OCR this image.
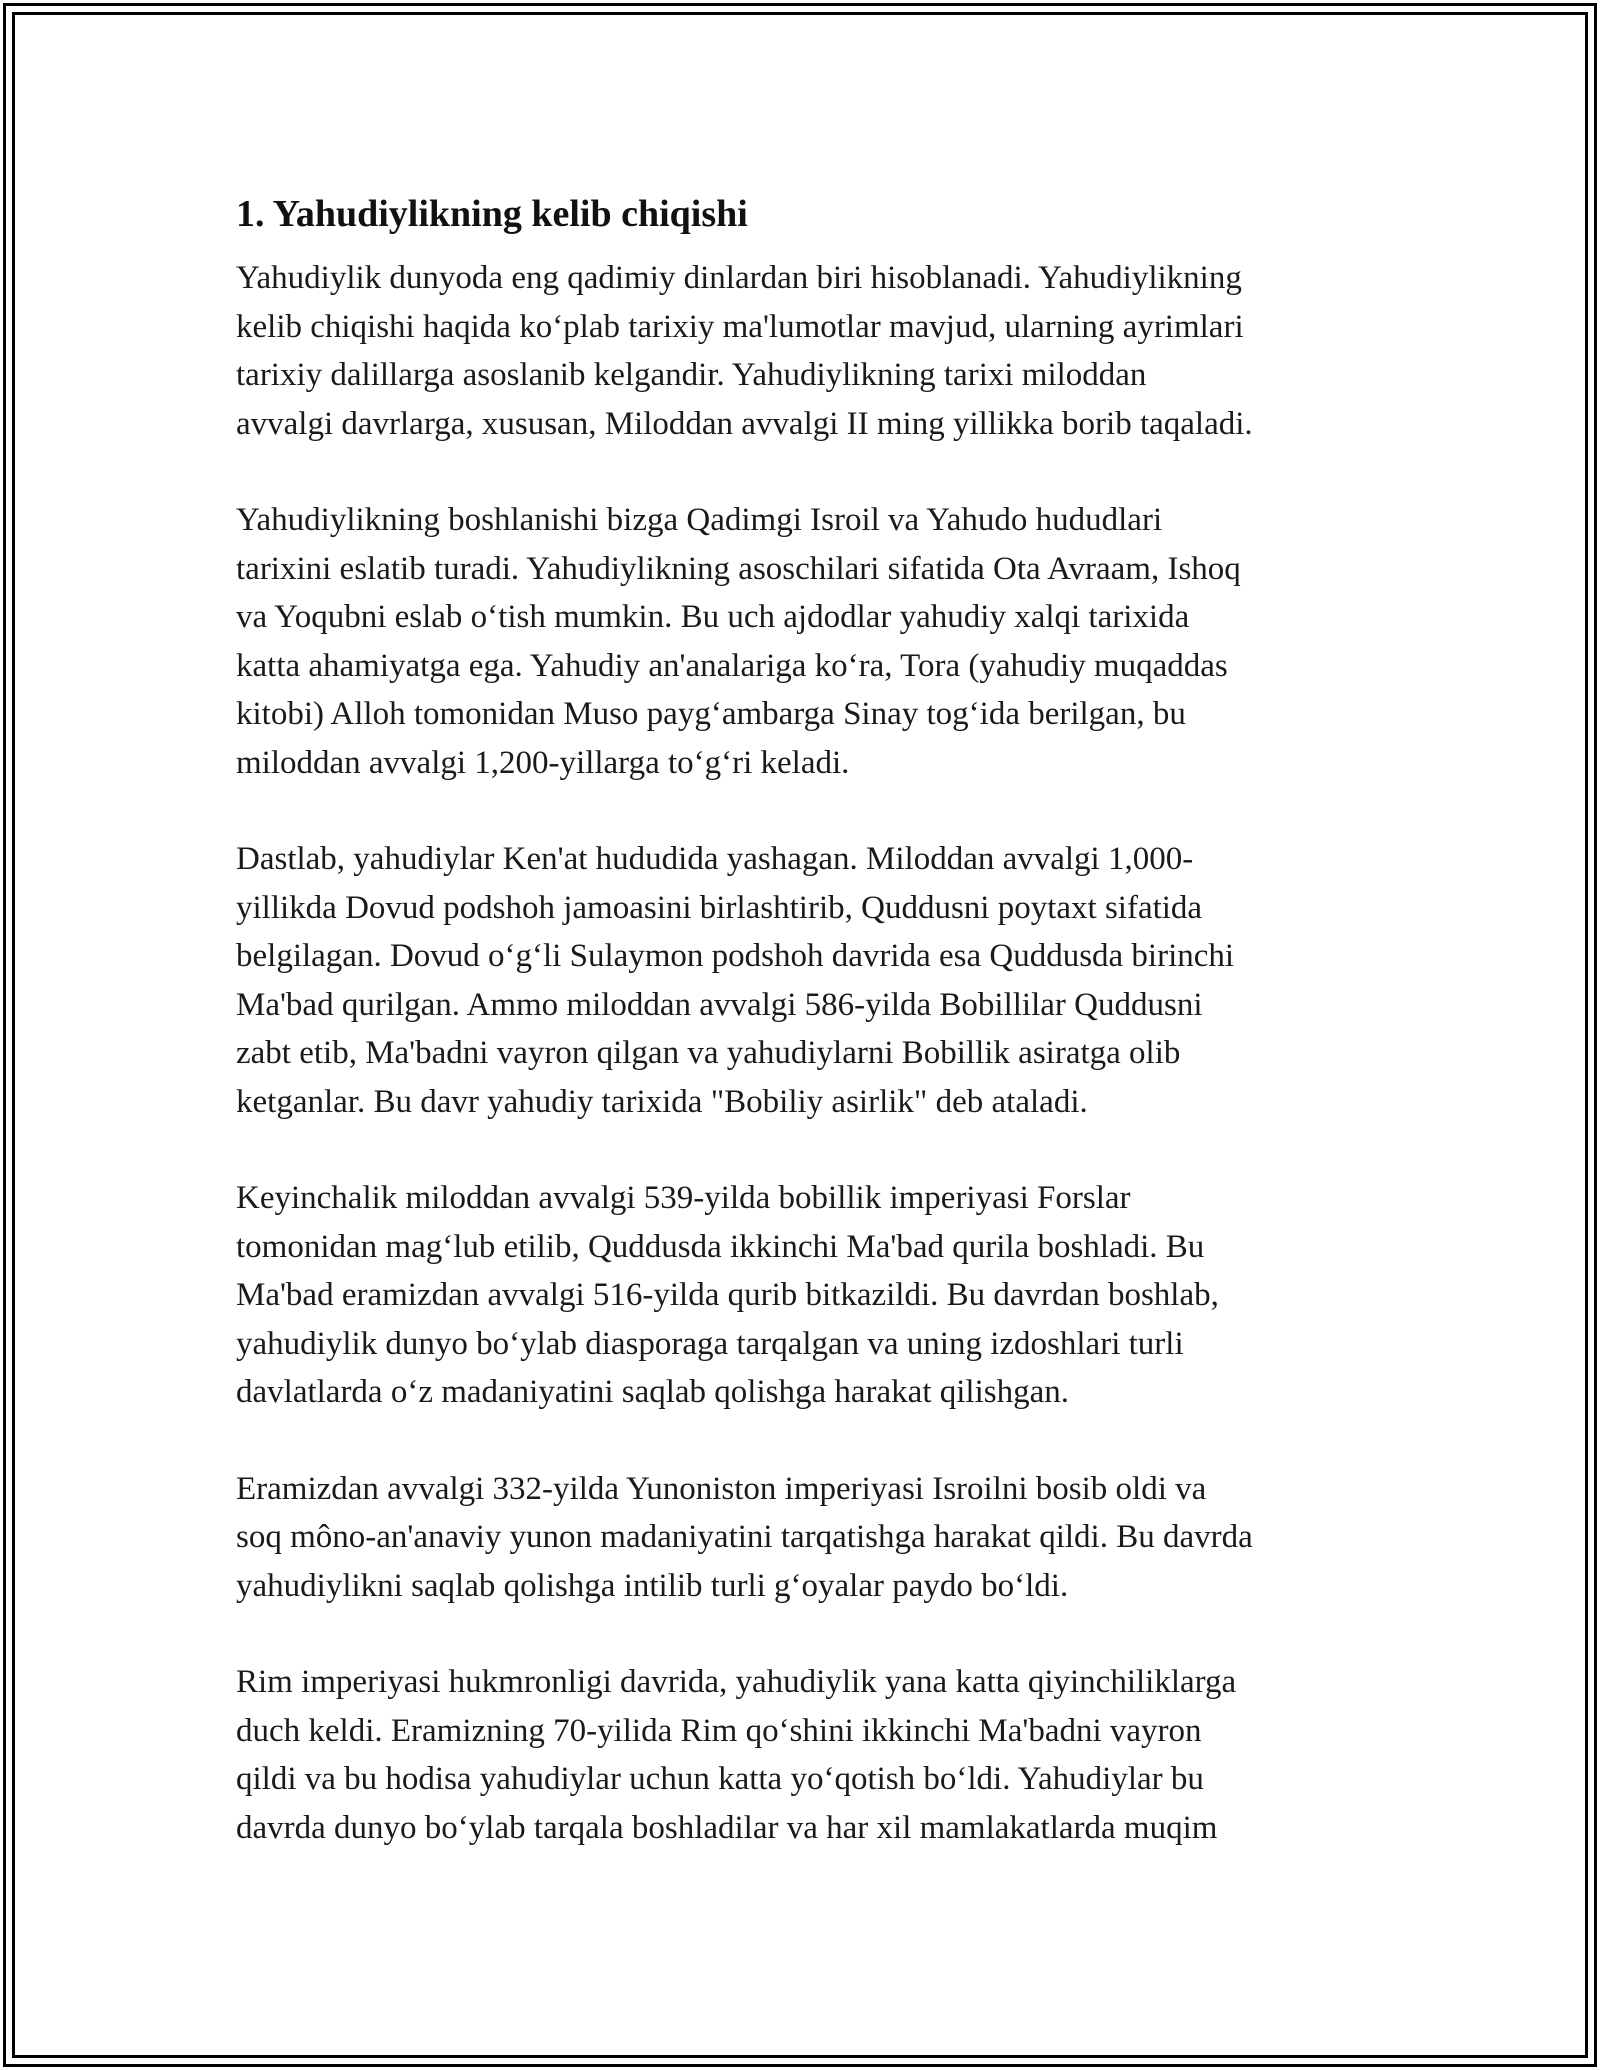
1. Yahudiylikning kelib chiqishi
Yahudiylik dunyoda eng qadimiy dinlardan biri hisoblanadi. Yahudiylikning
kelib chiqishi haqida koʻplab tarixiy ma'lumotlar mavjud, ularning ayrimlari
tarixiy dalillarga asoslanib kelgandir. Yahudiylikning tarixi miloddan
avvalgi davrlarga, xususan, Miloddan avvalgi II ming yillikka borib taqaladi.
Yahudiylikning boshlanishi bizga Qadimgi Isroil va Yahudo hududlari
tarixini eslatib turadi. Yahudiylikning asoschilari sifatida Ota Avraam, Ishoq
va Yoqubni eslab oʻtish mumkin. Bu uch ajdodlar yahudiy xalqi tarixida
katta ahamiyatga ega. Yahudiy an'analariga koʻra, Tora (yahudiy muqaddas
kitobi) Alloh tomonidan Muso paygʻambarga Sinay togʻida berilgan, bu
miloddan avvalgi 1,200-yillarga toʻgʻri keladi.
Dastlab, yahudiylar Ken'at hududida yashagan. Miloddan avvalgi 1,000-
yillikda Dovud podshoh jamoasini birlashtirib, Quddusni poytaxt sifatida
belgilagan. Dovud oʻgʻli Sulaymon podshoh davrida esa Quddusda birinchi
Ma'bad qurilgan. Ammo miloddan avvalgi 586-yilda Bobillilar Quddusni
zabt etib, Ma'badni vayron qilgan va yahudiylarni Bobillik asiratga olib
ketganlar. Bu davr yahudiy tarixida "Bobiliy asirlik" deb ataladi.
Keyinchalik miloddan avvalgi 539-yilda bobillik imperiyasi Forslar
tomonidan magʻlub etilib, Quddusda ikkinchi Ma'bad qurila boshladi. Bu
Ma'bad eramizdan avvalgi 516-yilda qurib bitkazildi. Bu davrdan boshlab,
yahudiylik dunyo boʻylab diasporaga tarqalgan va uning izdoshlari turli
davlatlarda oʻz madaniyatini saqlab qolishga harakat qilishgan.
Eramizdan avvalgi 332-yilda Yunoniston imperiyasi Isroilni bosib oldi va
soq môno-an'anaviy yunon madaniyatini tarqatishga harakat qildi. Bu davrda
yahudiylikni saqlab qolishga intilib turli gʻoyalar paydo boʻldi.
Rim imperiyasi hukmronligi davrida, yahudiylik yana katta qiyinchiliklarga
duch keldi. Eramizning 70-yilida Rim qoʻshini ikkinchi Ma'badni vayron
qildi va bu hodisa yahudiylar uchun katta yoʻqotish boʻldi. Yahudiylar bu
davrda dunyo boʻylab tarqala boshladilar va har xil mamlakatlarda muqim
